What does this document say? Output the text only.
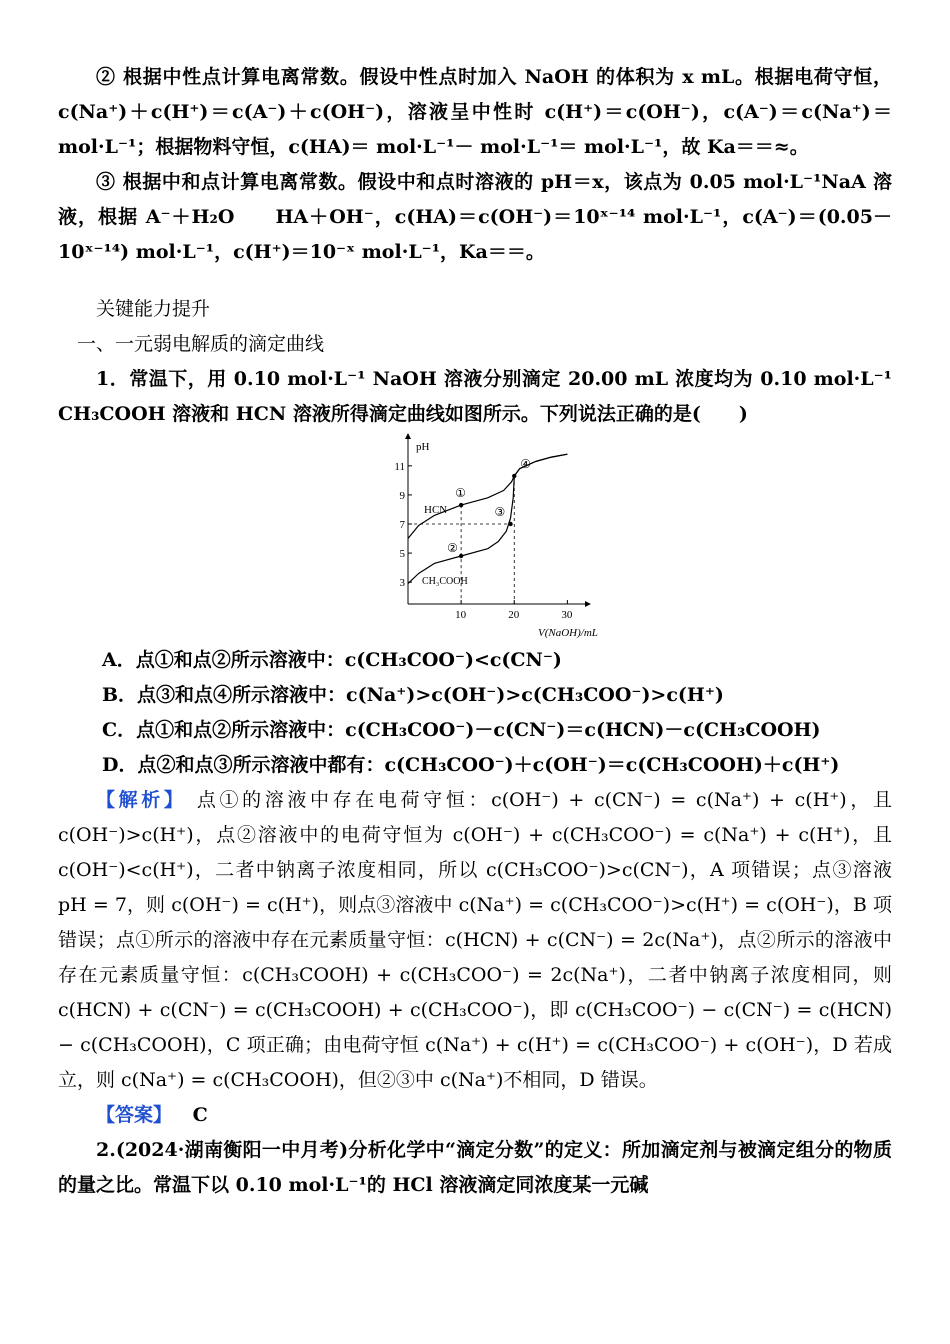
② 根据中性点计算电离常数。假设中性点时加入 NaOH 的体积为 x mL。根据电荷守恒，c(Na⁺)＋c(H⁺)＝c(A⁻)＋c(OH⁻)，溶液呈中性时 c(H⁺)＝c(OH⁻)，c(A⁻)＝c(Na⁺)＝ mol·L⁻¹；根据物料守恒，c(HA)＝ mol·L⁻¹－ mol·L⁻¹＝ mol·L⁻¹，故 Ka＝＝≈。

③ 根据中和点计算电离常数。假设中和点时溶液的 pH＝x，该点为 0.05 mol·L⁻¹NaA 溶液，根据 A⁻＋H₂O　　HA＋OH⁻，c(HA)＝c(OH⁻)＝10ˣ⁻¹⁴ mol·L⁻¹，c(A⁻)＝(0.05－10ˣ⁻¹⁴) mol·L⁻¹，c(H⁺)＝10⁻ˣ mol·L⁻¹，Ka＝＝。

关键能力提升

一、一元弱电解质的滴定曲线

1．常温下，用 0.10 mol·L⁻¹ NaOH 溶液分别滴定 20.00 mL 浓度均为 0.10 mol·L⁻¹ CH₃COOH 溶液和 HCN 溶液所得滴定曲线如图所示。下列说法正确的是(　　)

pH
V(NaOH)/mL
10	20	30
3
5
7
9
11
①
②
③
④
HCN
CH₃COOH

A．点①和点②所示溶液中：c(CH₃COO⁻)<c(CN⁻)

B．点③和点④所示溶液中：c(Na⁺)>c(OH⁻)>c(CH₃COO⁻)>c(H⁺)

C．点①和点②所示溶液中：c(CH₃COO⁻)－c(CN⁻)＝c(HCN)－c(CH₃COOH)

D．点②和点③所示溶液中都有：c(CH₃COO⁻)＋c(OH⁻)＝c(CH₃COOH)＋c(H⁺)

【解析】 点①的溶液中存在电荷守恒：c(OH⁻) + c(CN⁻) = c(Na⁺) + c(H⁺)，且 c(OH⁻)>c(H⁺)，点②溶液中的电荷守恒为 c(OH⁻) + c(CH₃COO⁻) = c(Na⁺) + c(H⁺)，且 c(OH⁻)<c(H⁺)，二者中钠离子浓度相同，所以 c(CH₃COO⁻)>c(CN⁻)，A 项错误；点③溶液 pH = 7，则 c(OH⁻) = c(H⁺)，则点③溶液中 c(Na⁺) = c(CH₃COO⁻)>c(H⁺) = c(OH⁻)，B 项错误；点①所示的溶液中存在元素质量守恒：c(HCN) + c(CN⁻) = 2c(Na⁺)，点②所示的溶液中存在元素质量守恒：c(CH₃COOH) + c(CH₃COO⁻) = 2c(Na⁺)，二者中钠离子浓度相同，则 c(HCN) + c(CN⁻) = c(CH₃COOH) + c(CH₃COO⁻)，即 c(CH₃COO⁻) − c(CN⁻) = c(HCN) − c(CH₃COOH)，C 项正确；由电荷守恒 c(Na⁺) + c(H⁺) = c(CH₃COO⁻) + c(OH⁻)，D 若成立，则 c(Na⁺) = c(CH₃COOH)，但②③中 c(Na⁺)不相同，D 错误。

【答案】 C

2.(2024·湖南衡阳一中月考)分析化学中“滴定分数”的定义：所加滴定剂与被滴定组分的物质的量之比。常温下以 0.10 mol·L⁻¹的 HCl 溶液滴定同浓度某一元碱
